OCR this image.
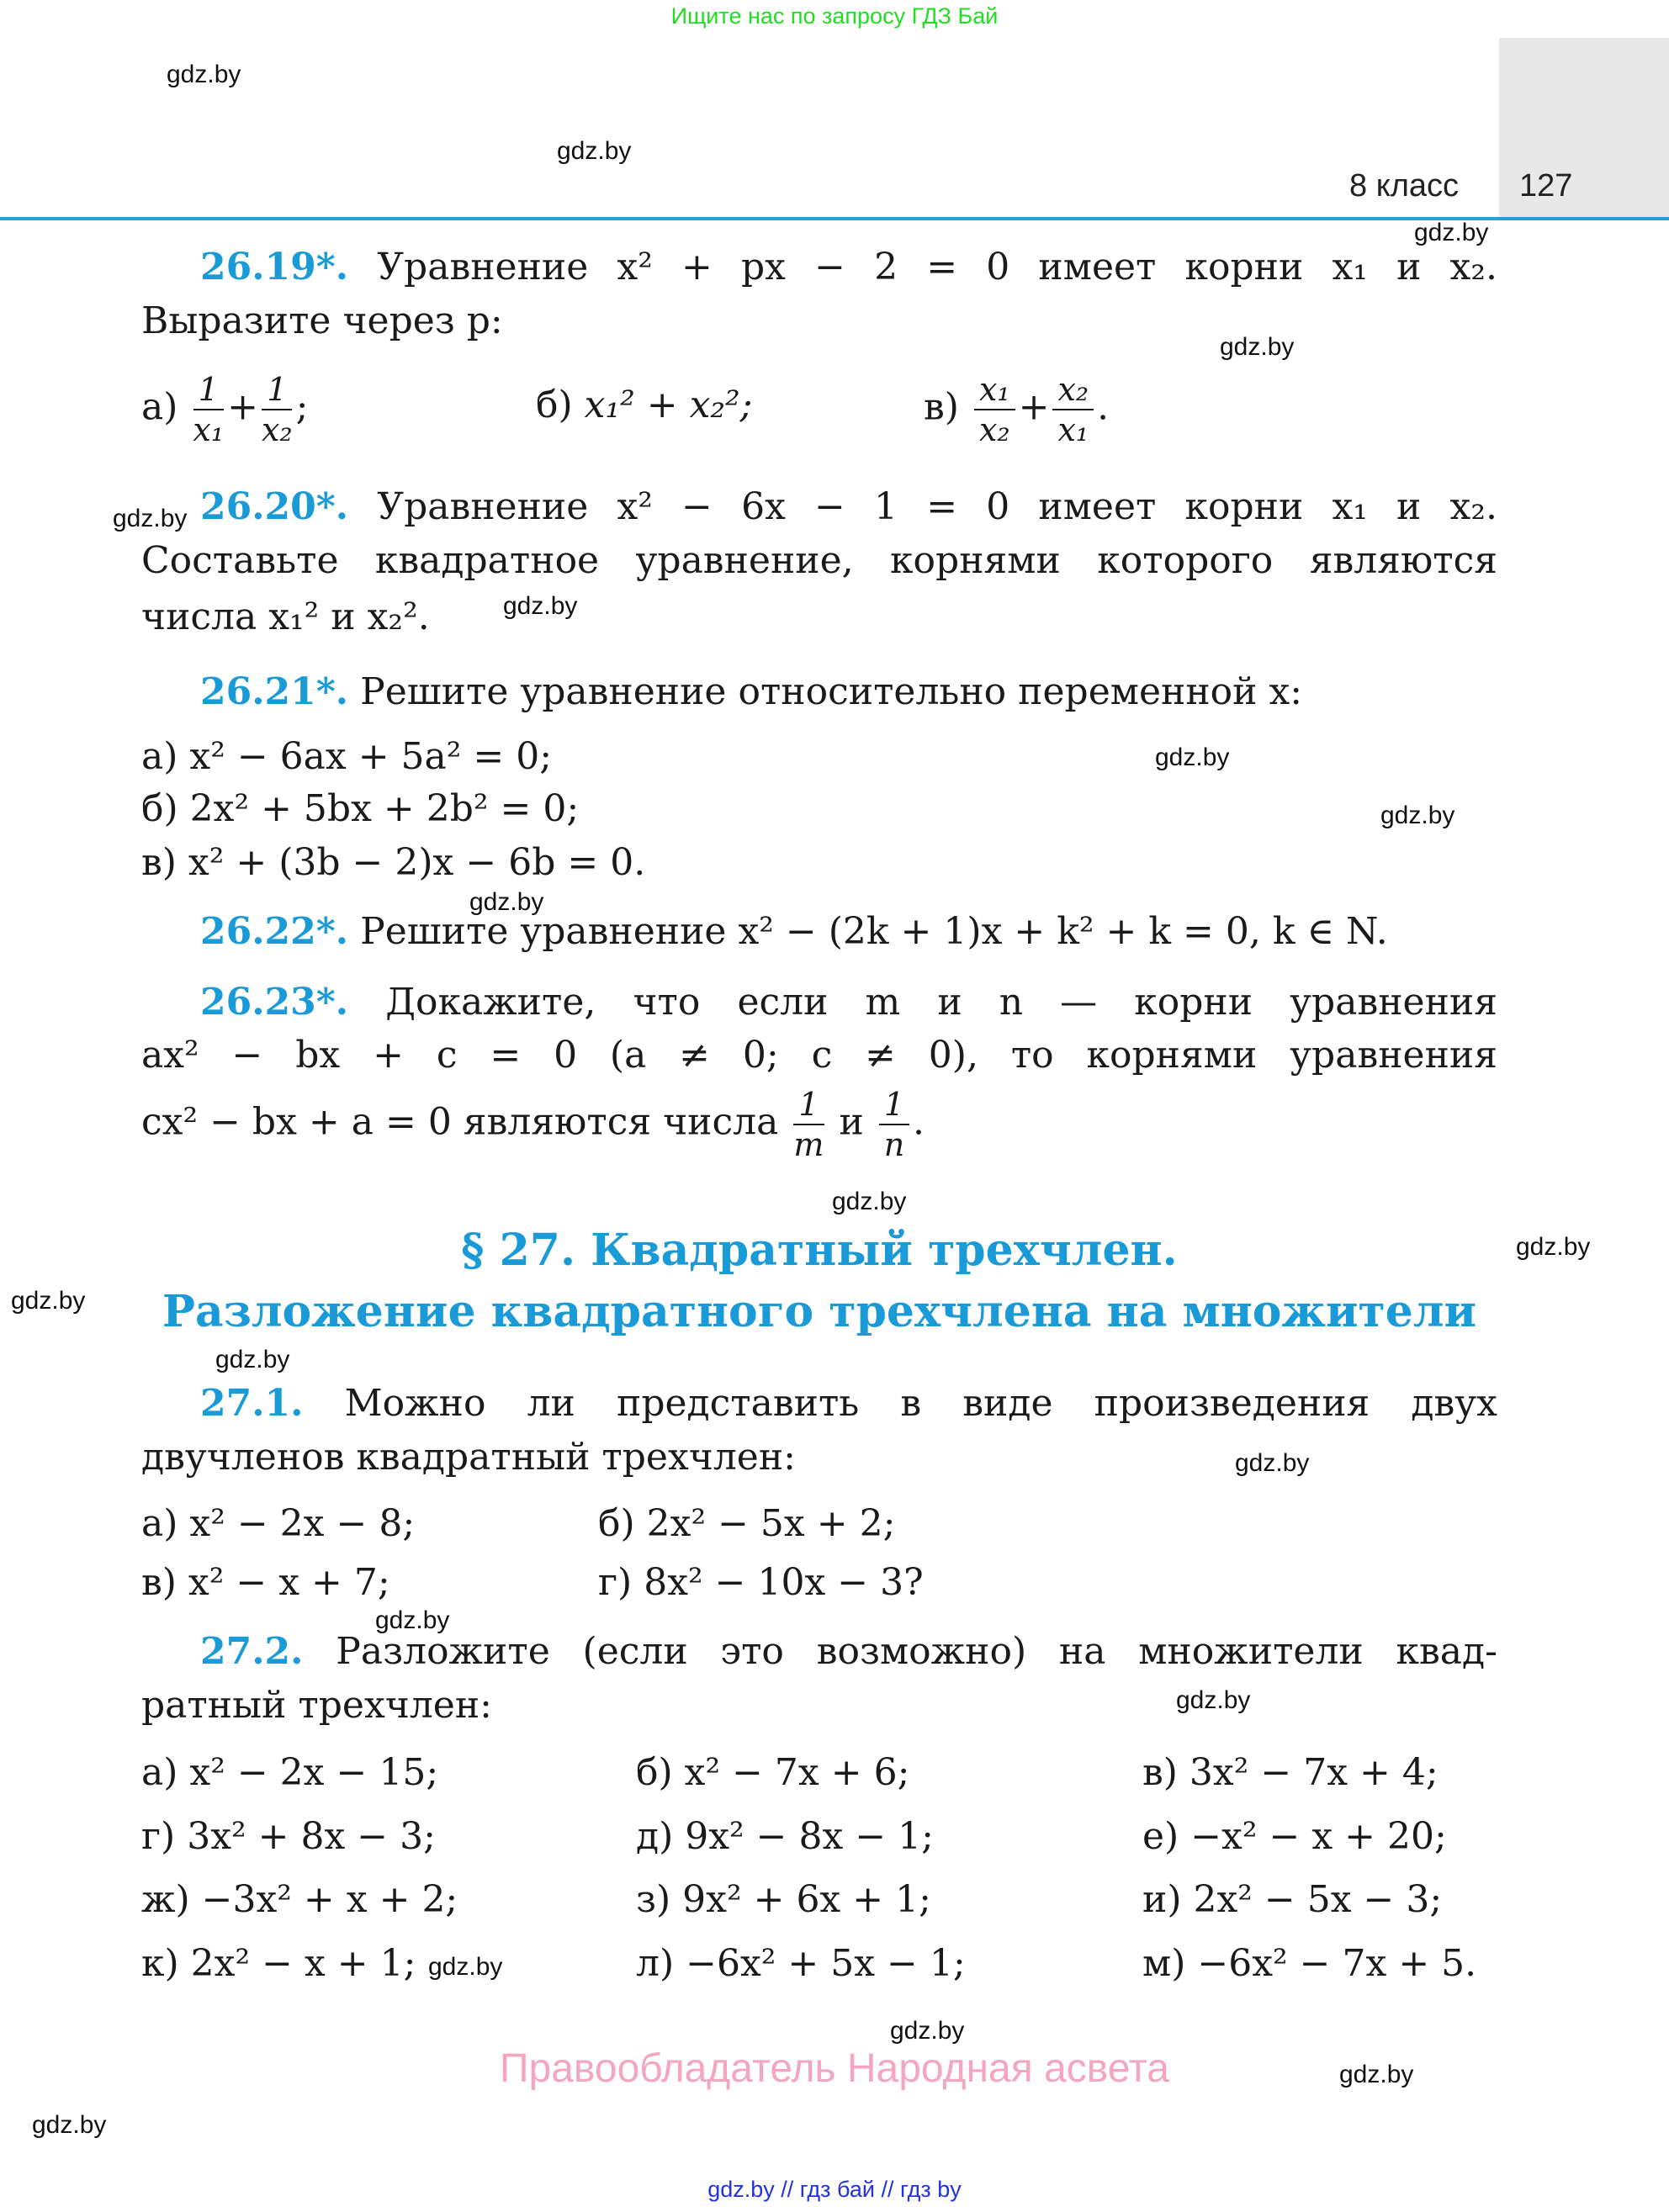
Ищите нас по запросу ГДЗ Бай
8 класс 127
gdz.by
gdz.by
gdz.by
gdz.by
gdz.by
gdz.by
gdz.by
gdz.by
gdz.by
gdz.by
gdz.by
gdz.by
gdz.by
gdz.by
gdz.by
gdz.by
gdz.by
gdz.by
gdz.by
gdz.by
26.19*. Уравнение x² + px − 2 = 0 имеет корни x₁ и x₂.
Выразите через p:
$а) \frac{1}{\text{x₁}} + \frac{1}{\text{x₂}}$ ;	б) x₁² + x₂²;	$в) \frac{\text{x₁}}{\text{x₂}} + \frac{\text{x₂}}{\text{x₁}}$ .
26.20*. Уравнение x² − 6x − 1 = 0 имеет корни x₁ и x₂.
Составьте квадратное уравнение, корнями которого являются
числа x₁² и x₂².
26.21*. Решите уравнение относительно переменной x:
а) x² − 6ax + 5a² = 0;
б) 2x² + 5bx + 2b² = 0;
в) x² + (3b − 2)x − 6b = 0.
26.22*. Решите уравнение x² − (2k + 1)x + k² + k = 0, k ∈ N.
26.23*. Докажите, что если m и n — корни уравнения
ax² − bx + c = 0 (a ≠ 0; c ≠ 0), то корнями уравнения
cx² − bx + a = 0 являются числа $\frac{1}{m}$ и $\frac{1}{n}$ .
§ 27. Квадратный трехчлен.
Разложение квадратного трехчлена на множители
27.1. Можно ли представить в виде произведения двух
двучленов квадратный трехчлен:
а) x² − 2x − 8;	б) 2x² − 5x + 2;
в) x² − x + 7;	г) 8x² − 10x − 3?
27.2. Разложите (если это возможно) на множители квад-
ратный трехчлен:
а) x² − 2x − 15;	б) x² − 7x + 6;	в) 3x² − 7x + 4;
г) 3x² + 8x − 3;	д) 9x² − 8x − 1;	е) −x² − x + 20;
ж) −3x² + x + 2;	з) 9x² + 6x + 1;	и) 2x² − 5x − 3;
к) 2x² − x + 1;	л) −6x² + 5x − 1;	м) −6x² − 7x + 5.
Правообладатель Народная асвета
gdz.by // гдз бай // гдз by
